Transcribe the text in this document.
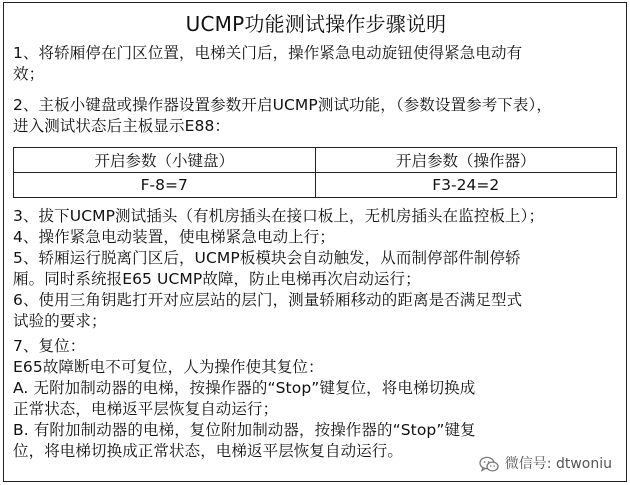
UCMP功能测试操作步骤说明
1、将轿厢停在门区位置，电梯关门后，操作紧急电动旋钮使得紧急电动有
效；
2、主板小键盘或操作器设置参数开启UCMP测试功能，（参数设置参考下表），
进入测试状态后主板显示E88：
开启参数（小键盘）	开启参数（操作器）
F-8=7	F3-24=2
3、拔下UCMP测试插头（有机房插头在接口板上，无机房插头在监控板上）；
4、操作紧急电动装置，使电梯紧急电动上行；
5、轿厢运行脱离门区后，UCMP板模块会自动触发，从而制停部件制停轿
厢。同时系统报E65 UCMP故障，防止电梯再次启动运行；
6、使用三角钥匙打开对应层站的层门，测量轿厢移动的距离是否满足型式
试验的要求；
7、复位：
E65故障断电不可复位，人为操作使其复位：
A. 无附加制动器的电梯，按操作器的“Stop”键复位，将电梯切换成
正常状态，电梯返平层恢复自动运行；
B. 有附加制动器的电梯，复位附加制动器，按操作器的“Stop”键复
位，将电梯切换成正常状态，电梯返平层恢复自动运行。
微信号: dtwoniu
